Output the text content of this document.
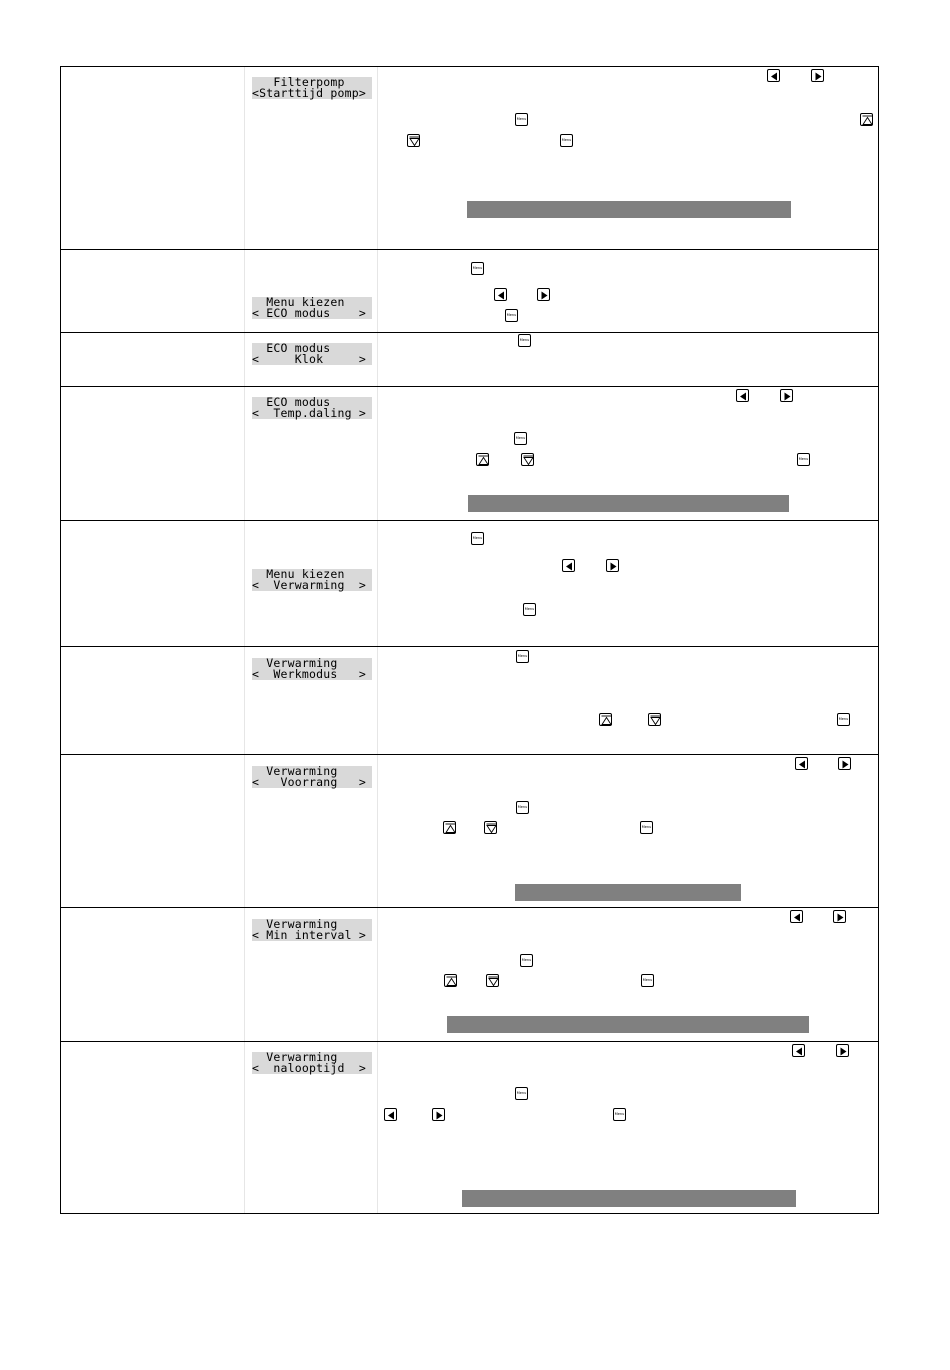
Filterpomp
<Starttijd pomp>
Menu
Menu
Menu
Menu kiezen
< ECO modus    >	Menu
Menu
ECO modus
<     Klok     >
ECO modus
<  Temp.daling >
Menu
Menu
Menu
Menu kiezen
<  Verwarming  >
Menu
Menu
Verwarming
<  Werkmodus   >
Menu
Verwarming
<   Voorrang   >
Menu
Menu
Verwarming
< Min interval >
Menu
Menu
Verwarming
<  nalooptijd  >
Menu
Menu
